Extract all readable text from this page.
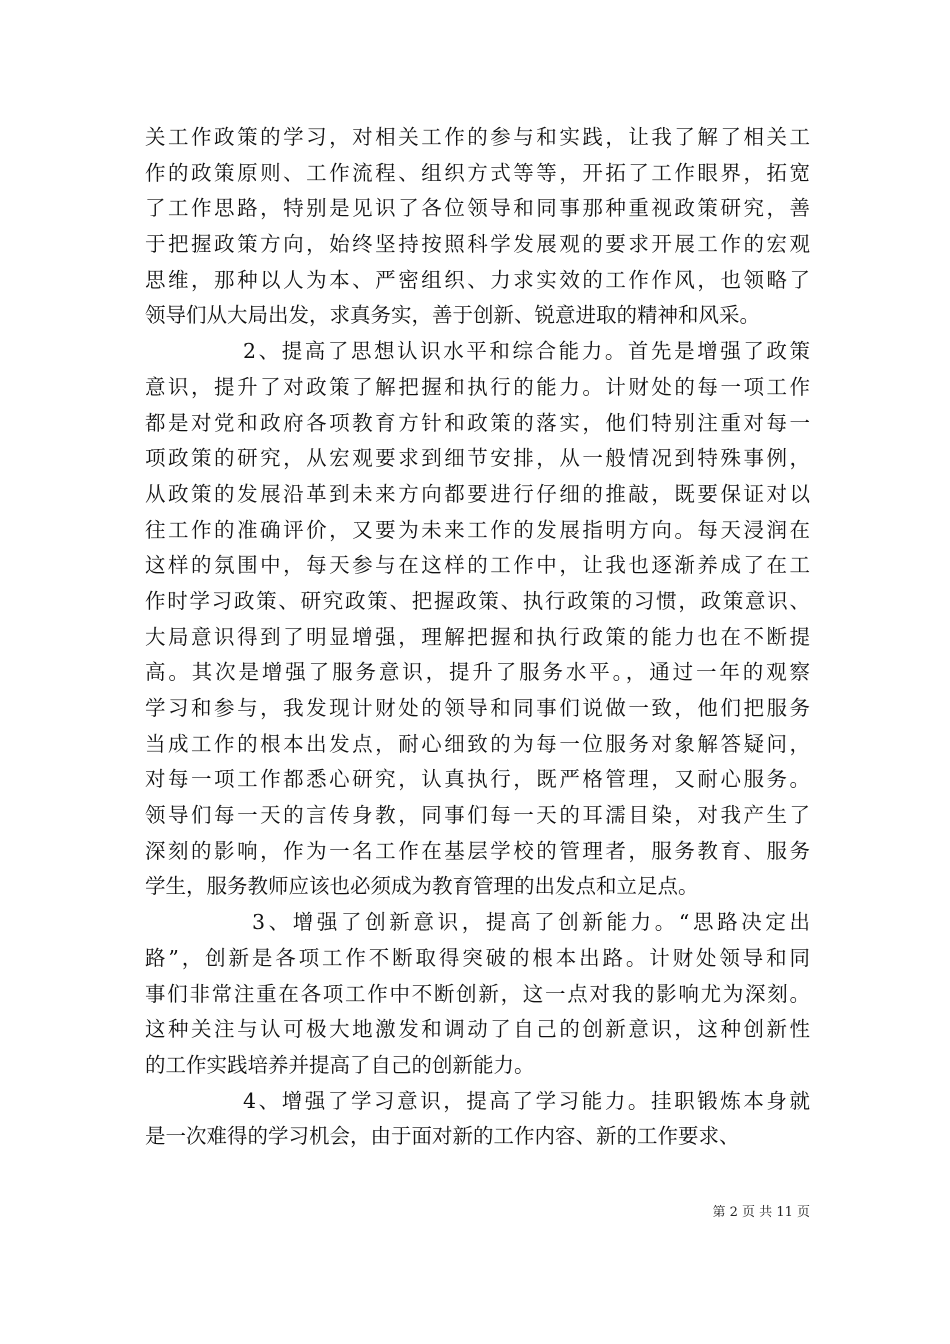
关工作政策的学习，对相关工作的参与和实践，让我了解了相关工
作的政策原则、工作流程、组织方式等等，开拓了工作眼界，拓宽
了工作思路，特别是见识了各位领导和同事那种重视政策研究，善
于把握政策方向，始终坚持按照科学发展观的要求开展工作的宏观
思维，那种以人为本、严密组织、力求实效的工作作风，也领略了
领导们从大局出发，求真务实，善于创新、锐意进取的精神和风采。
2、提高了思想认识水平和综合能力。首先是增强了政策
意识，提升了对政策了解把握和执行的能力。计财处的每一项工作
都是对党和政府各项教育方针和政策的落实，他们特别注重对每一
项政策的研究，从宏观要求到细节安排，从一般情况到特殊事例，
从政策的发展沿革到未来方向都要进行仔细的推敲，既要保证对以
往工作的准确评价，又要为未来工作的发展指明方向。每天浸润在
这样的氛围中，每天参与在这样的工作中，让我也逐渐养成了在工
作时学习政策、研究政策、把握政策、执行政策的习惯，政策意识、
大局意识得到了明显增强，理解把握和执行政策的能力也在不断提
高。其次是增强了服务意识，提升了服务水平。，通过一年的观察
学习和参与，我发现计财处的领导和同事们说做一致，他们把服务
当成工作的根本出发点，耐心细致的为每一位服务对象解答疑问，
对每一项工作都悉心研究，认真执行，既严格管理，又耐心服务。
领导们每一天的言传身教，同事们每一天的耳濡目染，对我产生了
深刻的影响，作为一名工作在基层学校的管理者，服务教育、服务
学生，服务教师应该也必须成为教育管理的出发点和立足点。
3、增强了创新意识，提高了创新能力。“思路决定出
路”，创新是各项工作不断取得突破的根本出路。计财处领导和同
事们非常注重在各项工作中不断创新，这一点对我的影响尤为深刻。
这种关注与认可极大地激发和调动了自己的创新意识，这种创新性
的工作实践培养并提高了自己的创新能力。
4、增强了学习意识，提高了学习能力。挂职锻炼本身就
是一次难得的学习机会，由于面对新的工作内容、新的工作要求、
第 2 页 共 11 页
